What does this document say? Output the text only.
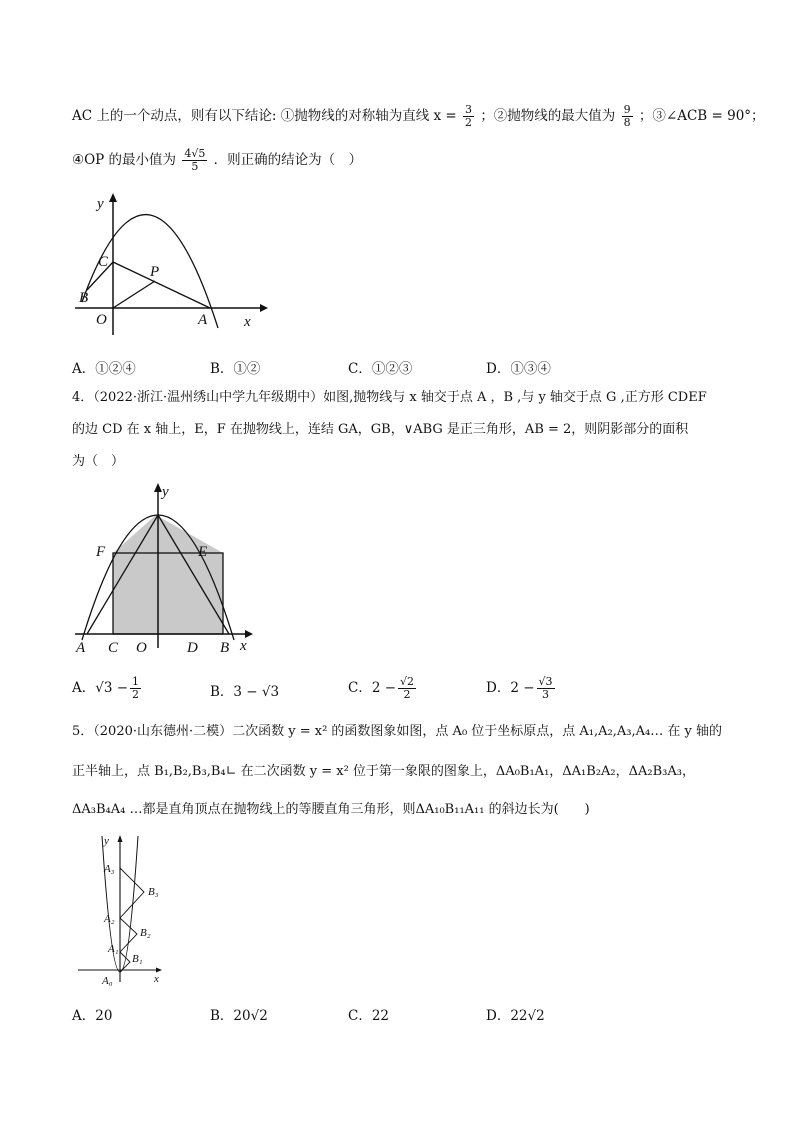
AC 上的一个动点，则有以下结论: ①抛物线的对称轴为直线 $x = \frac{3}{2}$ ；②抛物线的最大值为 $\frac{9}{8}$ ；③∠ACB = 90°；
④OP 的最小值为 $\frac{4√5}{5}$ ．则正确的结论为（　）
y
x
C
P
B
O	A
A．①②④	B．①②	C．①②③	D．①③④
4．（2022·浙江·温州绣山中学九年级期中）如图,抛物线与 x 轴交于点 A ，B ,与 y 轴交于点 G ,正方形 CDEF
的边 CD 在 x 轴上，E，F 在抛物线上，连结 GA，GB，∨ABG 是正三角形，AB = 2，则阴影部分的面积
为（　）
y
x
F	E
A C O	D B
A．$√3 - \frac{1}{2}$	B．3 − √3	C．$2 - \frac{√2}{2}$	D．$2 - \frac{√3}{3}$
5．（2020·山东德州·二模）二次函数 y = x² 的函数图象如图，点 A₀ 位于坐标原点，点 A₁,A₂,A₃,A₄… 在 y 轴的
正半轴上，点 B₁,B₂,B₃,B₄∟ 在二次函数 y = x² 位于第一象限的图象上，ΔA₀B₁A₁，ΔA₁B₂A₂，ΔA₂B₃A₃，
ΔA₃B₄A₄ …都是直角顶点在抛物线上的等腰直角三角形，则ΔA₁₀B₁₁A₁₁ 的斜边长为(　　)
y
x
A₀
A₁
A₂
A₃
B₁
B₂
B₃
A．20	B．20√2	C．22	D．22√2
